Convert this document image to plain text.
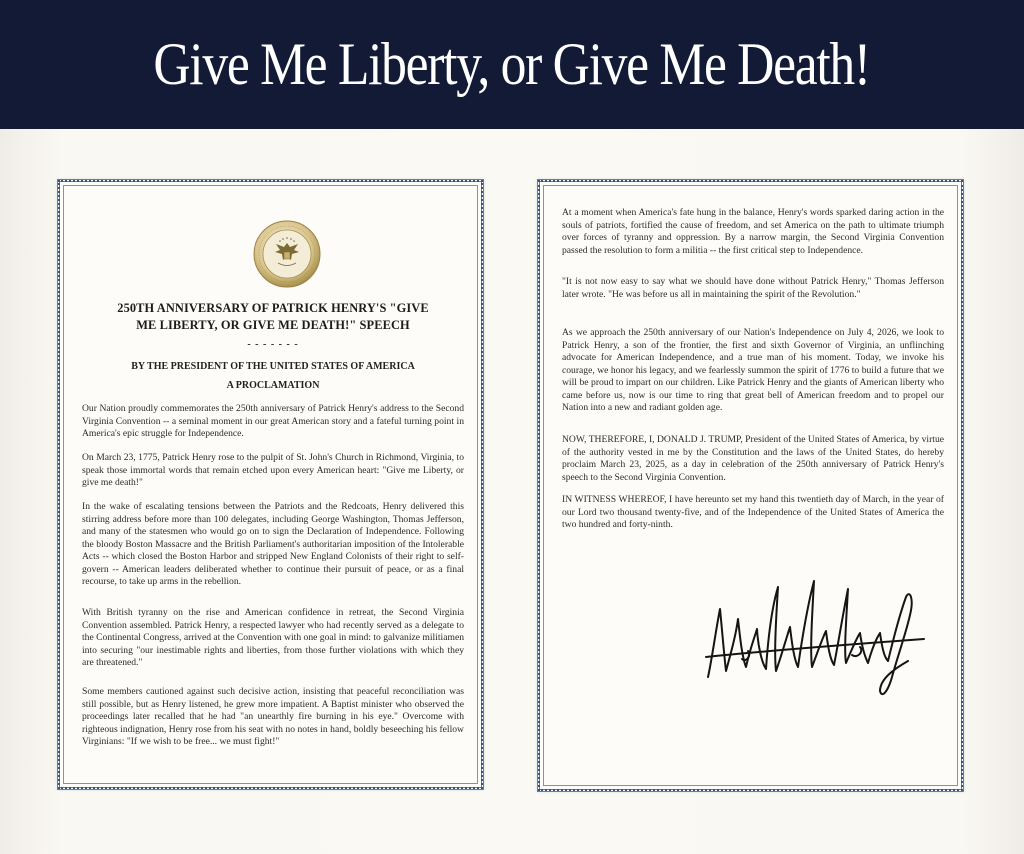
Give Me Liberty, or Give Me Death!
250TH ANNIVERSARY OF PATRICK HENRY'S "GIVE
ME LIBERTY, OR GIVE ME DEATH!" SPEECH
- - - - - - -
BY THE PRESIDENT OF THE UNITED STATES OF AMERICA
A PROCLAMATION

Our Nation proudly commemorates the 250th anniversary of Patrick Henry's address to the Second Virginia Convention -- a seminal moment in our great American story and a fateful turning point in America's epic struggle for Independence.

On March 23, 1775, Patrick Henry rose to the pulpit of St. John's Church in Richmond, Virginia, to speak those immortal words that remain etched upon every American heart: "Give me Liberty, or give me death!"

In the wake of escalating tensions between the Patriots and the Redcoats, Henry delivered this stirring address before more than 100 delegates, including George Washington, Thomas Jefferson, and many of the statesmen who would go on to sign the Declaration of Independence. Following the bloody Boston Massacre and the British Parliament's authoritarian imposition of the Intolerable Acts -- which closed the Boston Harbor and stripped New England Colonists of their right to self-govern -- American leaders deliberated whether to continue their pursuit of peace, or as a final recourse, to take up arms in the rebellion.

With British tyranny on the rise and American confidence in retreat, the Second Virginia Convention assembled. Patrick Henry, a respected lawyer who had recently served as a delegate to the Continental Congress, arrived at the Convention with one goal in mind: to galvanize militiamen into securing "our inestimable rights and liberties, from those further violations with which they are threatened."

Some members cautioned against such decisive action, insisting that peaceful reconciliation was still possible, but as Henry listened, he grew more impatient. A Baptist minister who observed the proceedings later recalled that he had "an unearthly fire burning in his eye." Overcome with righteous indignation, Henry rose from his seat with no notes in hand, boldly beseeching his fellow Virginians: "If we wish to be free... we must fight!"

At a moment when America's fate hung in the balance, Henry's words sparked daring action in the souls of patriots, fortified the cause of freedom, and set America on the path to ultimate triumph over forces of tyranny and oppression. By a narrow margin, the Second Virginia Convention passed the resolution to form a militia -- the first critical step to Independence.

"It is not now easy to say what we should have done without Patrick Henry," Thomas Jefferson later wrote. "He was before us all in maintaining the spirit of the Revolution."

As we approach the 250th anniversary of our Nation's Independence on July 4, 2026, we look to Patrick Henry, a son of the frontier, the first and sixth Governor of Virginia, an unflinching advocate for American Independence, and a true man of his moment. Today, we invoke his courage, we honor his legacy, and we fearlessly summon the spirit of 1776 to build a future that we will be proud to impart on our children. Like Patrick Henry and the giants of American liberty who came before us, now is our time to ring that great bell of American freedom and to propel our Nation into a new and radiant golden age.

NOW, THEREFORE, I, DONALD J. TRUMP, President of the United States of America, by virtue of the authority vested in me by the Constitution and the laws of the United States, do hereby proclaim March 23, 2025, as a day in celebration of the 250th anniversary of Patrick Henry's speech to the Second Virginia Convention.

IN WITNESS WHEREOF, I have hereunto set my hand this twentieth day of March, in the year of our Lord two thousand twenty-five, and of the Independence of the United States of America the two hundred and forty-ninth.
